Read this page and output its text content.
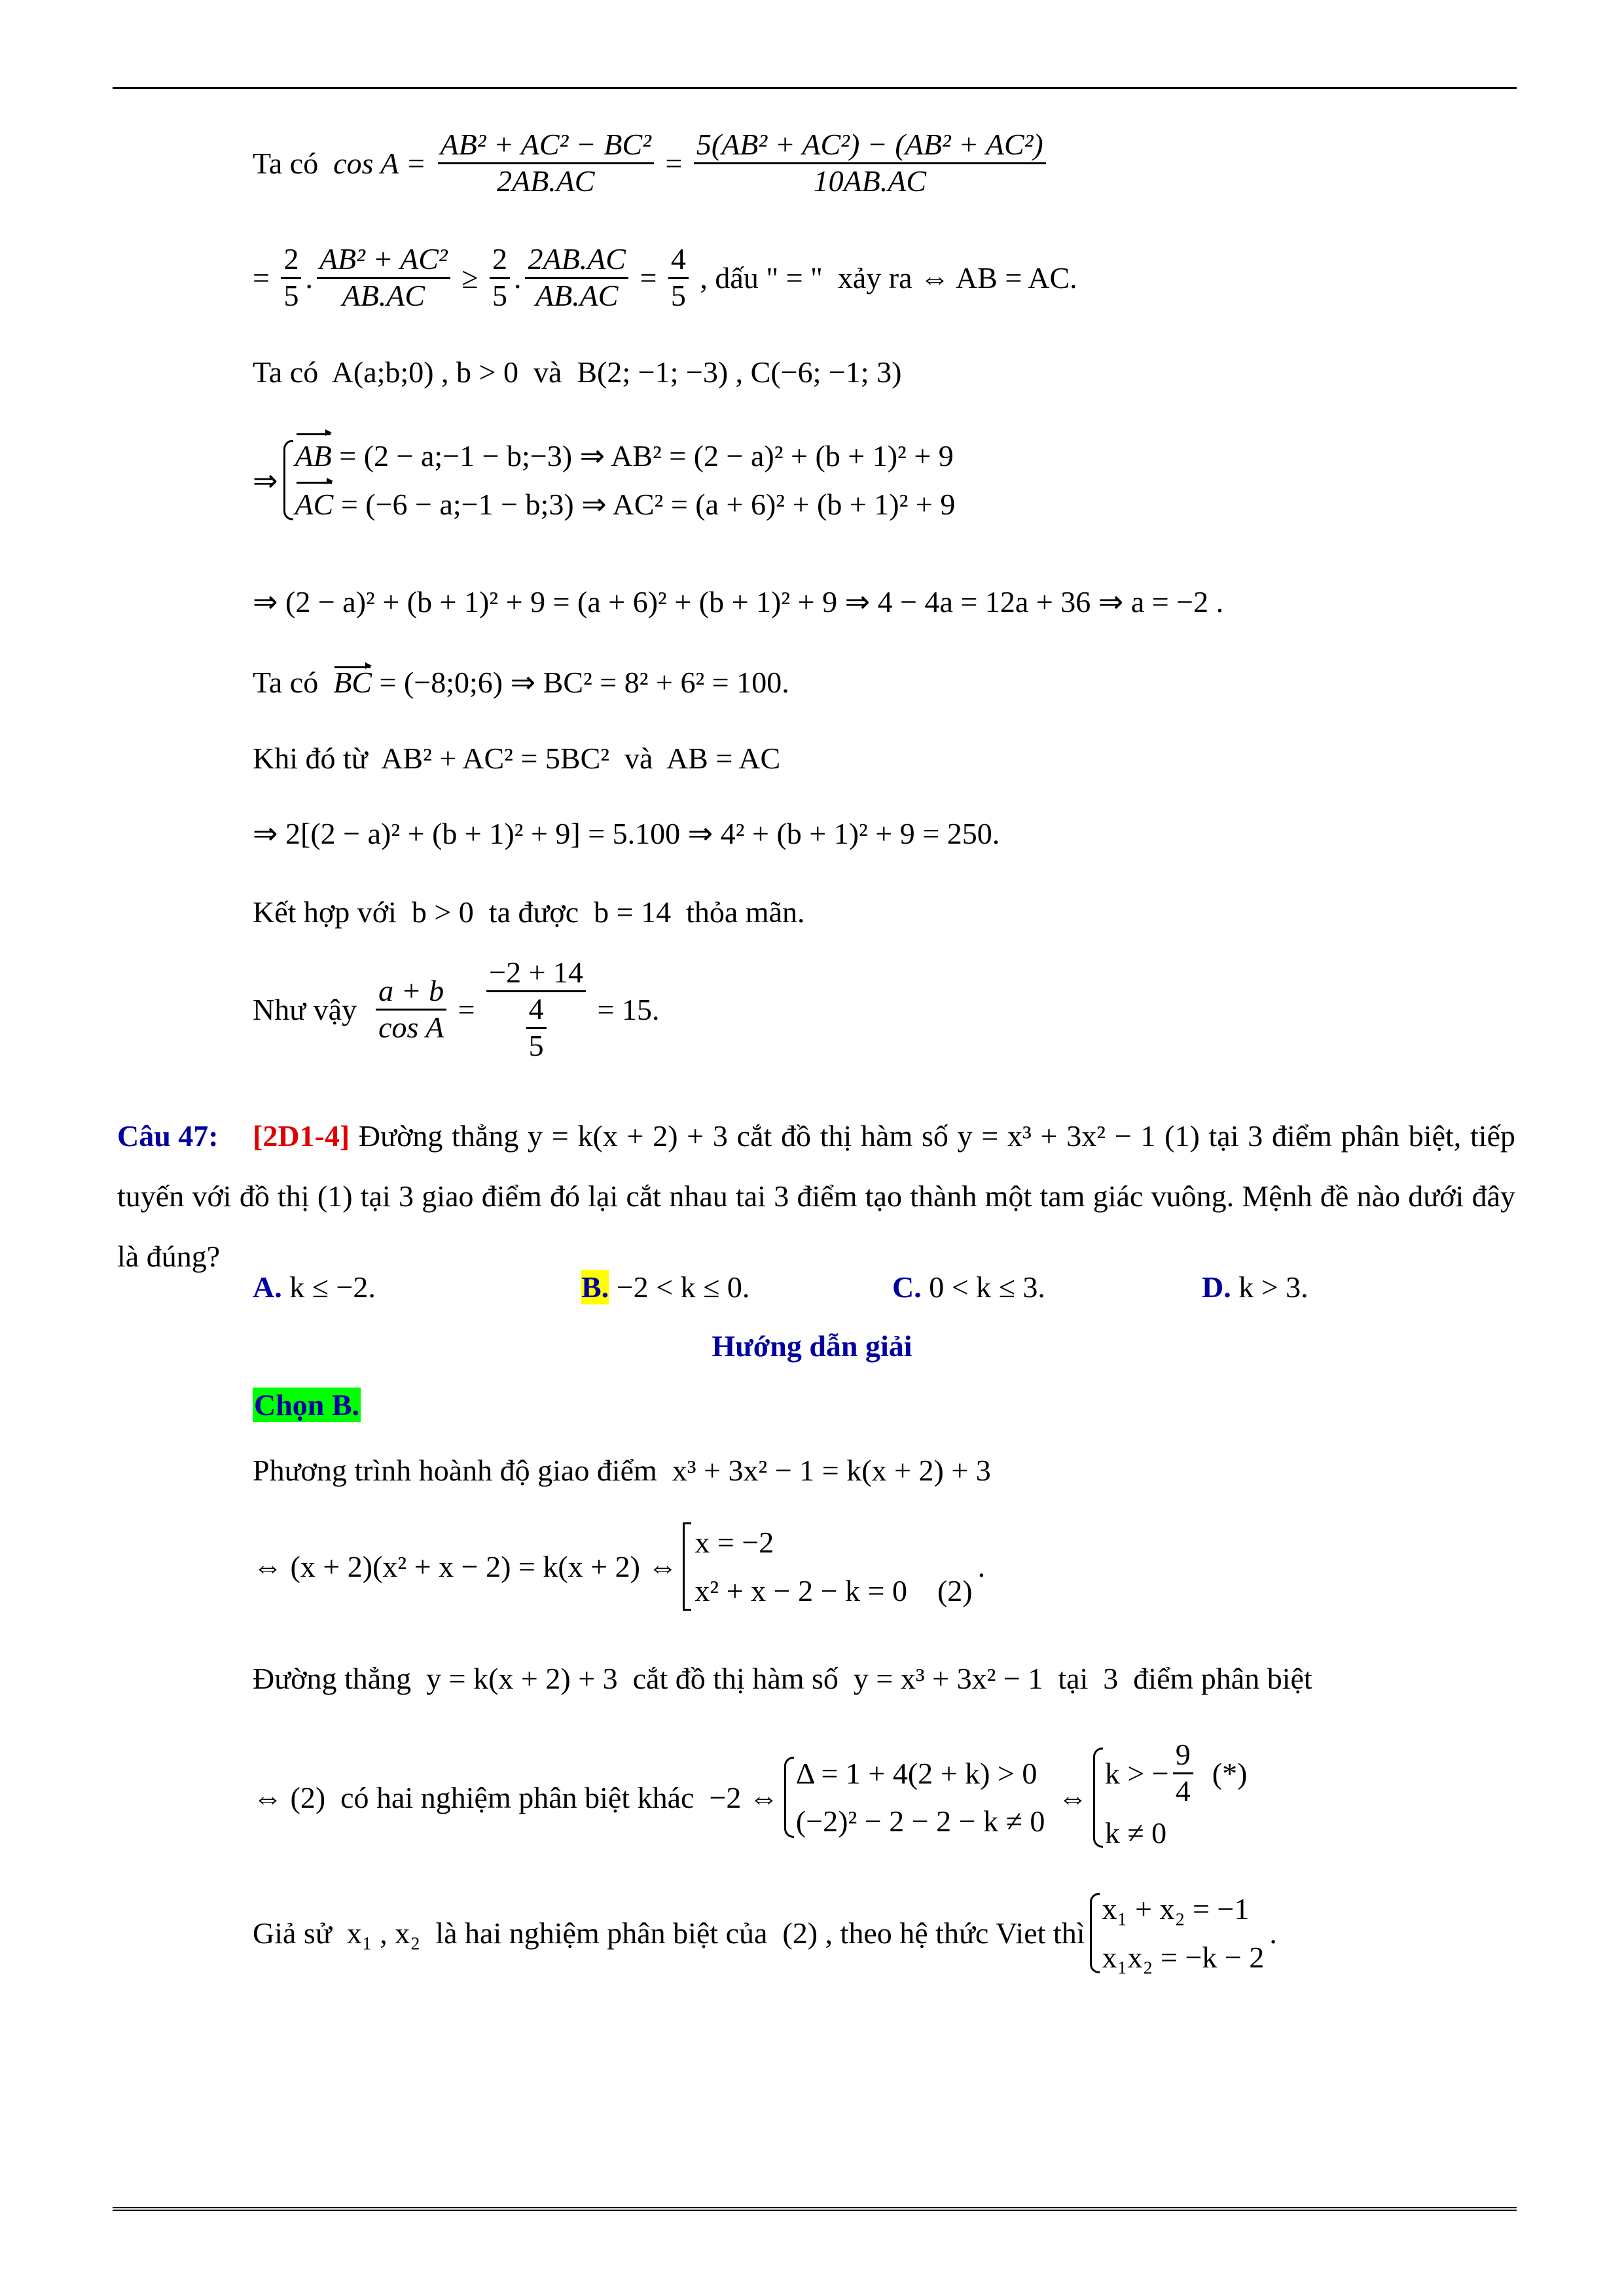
Ta có $\cos A = \frac{\text{AB² + AC² − BC²}}{2AB.AC} = \frac{\text{5(AB² + AC²) − (AB² + AC²)}}{10AB.AC}$
= $\frac{2}{5}$ . $\frac{\text{AB² + AC²}}{AB.AC} \ge \frac{2}{5}$ . $\frac{2AB.AC}{AB.AC} = \frac{4}{5}$ , dấu " = "  xảy ra ⇔ AB = AC.
Ta có  A(a;b;0) , b > 0  và  B(2; −1; −3) , C(−6; −1; 3)
⇒
AB = (2 − a;−1 − b;−3) ⇒ AB² = (2 − a)² + (b + 1)² + 9
AC = (−6 − a;−1 − b;3) ⇒ AC² = (a + 6)² + (b + 1)² + 9
⇒ (2 − a)² + (b + 1)² + 9 = (a + 6)² + (b + 1)² + 9 ⇒ 4 − 4a = 12a + 36 ⇒ a = −2 .
Ta có BC = (−8;0;6) ⇒ BC² = 8² + 6² = 100.
Khi đó từ  AB² + AC² = 5BC²  và  AB = AC
⇒ 2[(2 − a)² + (b + 1)² + 9] = 5.100 ⇒ 4² + (b + 1)² + 9 = 250.
Kết hợp với  b > 0  ta được  b = 14  thỏa mãn.
Như vậy $\frac{a + b}{\text{cos A}} = \frac{-2 + 14}{\frac{4}{5}} = 15$.
Câu 47: [2D1-4] Đường thẳng y = k(x + 2) + 3 cắt đồ thị hàm số y = x³ + 3x² − 1 (1) tại 3 điểm phân biệt, tiếp tuyến với đồ thị (1) tại 3 giao điểm đó lại cắt nhau tai 3 điểm tạo thành một tam giác vuông. Mệnh đề nào dưới đây là đúng?
A. k ≤ −2.	B. −2 < k ≤ 0.	C. 0 < k ≤ 3.	D. k > 3.
Hướng dẫn giải
Chọn B.
Phương trình hoành độ giao điểm  x³ + 3x² − 1 = k(x + 2) + 3
⇔ (x + 2)(x² + x − 2) = k(x + 2) ⇔
x = −2
x² + x − 2 − k = 0    (2)
.
Đường thẳng  y = k(x + 2) + 3  cắt đồ thị hàm số  y = x³ + 3x² − 1  tại  3  điểm phân biệt
⇔ (2)  có hai nghiệm phân biệt khác  −2 ⇔
Δ = 1 + 4(2 + k) > 0
(−2)² − 2 − 2 − k ≠ 0
⇔
k > − $\frac{9}{4}$ (*)
k ≠ 0
Giả sử  x₁ , x₂  là hai nghiệm phân biệt của  (2) , theo hệ thức Viet thì
x₁ + x₂ = −1
x₁x₂ = −k − 2
.
